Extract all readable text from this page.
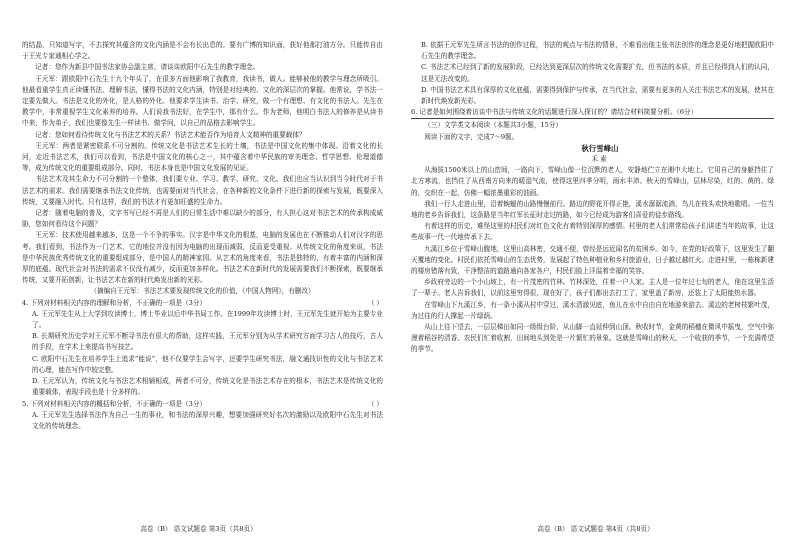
的结晶，只知道写字，不去探究其蕴含的文化内涵是不会有长出息的。要有广博的知识面，获好他那打油方分。只能传自由于王光专家通相心学之。

记者：您作为新县中国书法家协会副主席，请谈谈欧阳中石先生的教学理念。

王元军：跟欧阳中石先生十九个年头了，在很多方面他影响了我教育，我读书，做人。能够被他的教学与理念所吸引。他最看重学生真正读懂书法、理解书法，懂得书法的文化内涵，特别是对经典的、文化的深层次的掌握。他常说，学书法一定要先做人。书法是文化的外化，是人格的外化。他要求学生读书、治学、研究，做一个有理想、有文化的书法人。先生在教学中，非常重视学生文化素养的培养。人们说我书法好，在学生中，那有什么。作为老师，他明白书法人的修养是从读书中来，作为弟子，我们也要像先生一样读书、做学问，以自己的品格去影响学生。

记者：您如何看待传统文化与书法艺术的关系？书法艺术能否作为培育人文精神的重要载体？

王元军：两者是紧密联系不可分割的。传统文化是书法艺术生长的土壤，书法是中国文化的集中体现。沿着文化的长河，走近书法艺术，我们可以看到，书法是中国文化的核心之一，其中蕴含着中华民族的审美理念、哲学思想、伦理道德等，成为传统文化的重要组成部分。同时，书法本身也是中国文化发展的见证。

书法艺术及其生命力不可分割的一个整体，我们要专业、学习、教学、研究、文化。我们也应当认识到当今时代对于书法艺术的需求。我们需要继承书法文化传统，也需要面对当代社会，在各种新的文化条件下进行新的探索与发展，既要深入传统，又要融入时代。只有这样，我们的书法才有更加旺盛的生命力。

记者：随着电脑的普及，文字书写已经不再是人们的日常生活中难以缺少的部分，有人担心这对书法艺术的传承构成威胁，您如何看待这个问题？

王元军：技术使用越来越多，这是一个不争的事实。汉字是中华文化的根基，电脑的发展也在不断推动人们对汉字的思考。我们看到，书法作为一门艺术，它的地位并没有因为电脑的出现而减弱，反而更受重视。从传统文化的角度来说，书法是中华民族优秀传统文化的重要组成部分，是中国人的精神家园。从艺术的角度来看，书法是独特的，有着丰富的内涵和深厚的底蕴。现代社会对书法的需求不仅没有减少，反而更加多样化。书法艺术在新时代的发展需要我们不断探索，既要继承传统，又要开拓创新，让书法艺术在新的时代焕发出新的光彩。

（摘编自王元军：书法艺术要发现传统文化的价值，《中国人物网》，有删改）

4. 下列对材料相关内容的理解和分析，不正确的一项是（3分）	（ ）

A. 王元军先生从上大学到攻读博士，博士毕业以后中华书局工作。在1999年攻读博士时，王元军先生就开始为主要专业了。

B. 长期研究历史学对王元军不断寻书法有很大的帮助，这样实践，王元军分别为从学术研究方面学习古人的技巧，古人的手段，在学术上来提高书写技艺。

C. 欧阳中石先生在培养学生上追求“能说”，他不仅要学生会写字，还要学生研究书法，融文通技识性的文化与书法艺术的心理，能在写作中较完整。

D. 王元军认为，传统文化与书法艺术相辅相成，两者不可分，传统文化是书法艺术存在的根本，书法艺术是传统文化的重要载体，表现手段也是十分多样的。

5. 下列对材料相关内容的概括和分析，不正确的一项是（3分）	（ ）

A. 王元军先生选择书法作为自己一生的事业，和书法的深厚兴趣，想要加强研究好名次的激励以及欧阳中石先生对书法文化的传统理念。

高卷（B） 语文试题卷 第3页（共8页）

B. 依据王元军先生所言书法的创作过程，书法的观点与书法的情景，不难看出他主张书法创作的理念是更好地把握欧阳中石先生的教学理念。

C. 书法艺术已经到了新的发展阶段，已经达到更深层次的传统文化需要扩充，但书法的本质，并且已经得到人们的认同，这是无法改变的。

D. 中国书法艺术具有深厚的文化底蕴，需要得到保护与传承，在当代社会，需要有更多的人关注书法艺术的发展，使其在新时代焕发新光彩。

6. 记者是如何围绕着访谈中书法与传统文化的话题进行深入探讨的？请结合材料简要分析。（6分）

（三）文学类文本阅读（本题共3小题，15分）

阅读下面的文字，完成7～9题。

秋行雪峰山

禾 素

从海拔1500米以上的山峦间，一路向下，雪峰山像一位沉默的老人，安静地伫立在湘中大地上。它用自己的身躯挡住了北方寒流，也挡住了从西南方向来的暖湿气流，使得这里四季分明，雨水丰沛。秋天的雪峰山，层林尽染，红的、黄的、绿的，交织在一起，仿佛一幅浓墨重彩的油画。

我们一行人走进山里，沿着蜿蜒的山路慢慢前行。路边的野花开得正艳，溪水潺潺流淌，鸟儿在枝头欢快地歌唱。一位当地的老乡告诉我们，这条路是当年红军长征时走过的路，如今已经成为游客们喜爱的徒步路线。

有着这样的历史，难怪这里的村民们对红色文化有着特别深厚的感情。村里的老人们常常给孩子们讲述当年的故事，让这些故事一代一代地传承下去。

九溪江乡位于雪峰山腹地，这里山高林密，交通不便，曾经是远近闻名的贫困乡。如今，在党的好政策下，这里发生了翻天覆地的变化。村民们依托雪峰山的生态优势，发展起了特色种植业和乡村旅游业，日子越过越红火。走进村里，一栋栋新建的楼房错落有致，干净整洁的道路通向各家各户，村民们脸上洋溢着幸福的笑容。

乡政府旁边的一个小山坡上，有一片茂密的竹林。竹林深处，住着一户人家。主人是一位年过七旬的老人，他在这里生活了一辈子。老人告诉我们，以前这里穷得很，现在好了，孩子们都出去打工了，家里盖了新房，还装上了太阳能热水器。

在雪峰山下九溪江乡，有一条小溪从村中穿过，溪水清澈见底，鱼儿在水中自由自在地游来游去。溪边的老树枝繁叶茂，为过往的行人撑起一片绿荫。

从山上往下望去，一层层梯田如同一级级台阶，从山脚一直延伸到山顶。秋收时节，金黄的稻穗在微风中摇曳，空气中弥漫着稻谷的清香。农民们忙着收割，田间地头到处是一片繁忙的景象。这就是雪峰山的秋天，一个收获的季节，一个充满希望的季节。

高卷（B） 语文试题卷 第4页（共8页）
